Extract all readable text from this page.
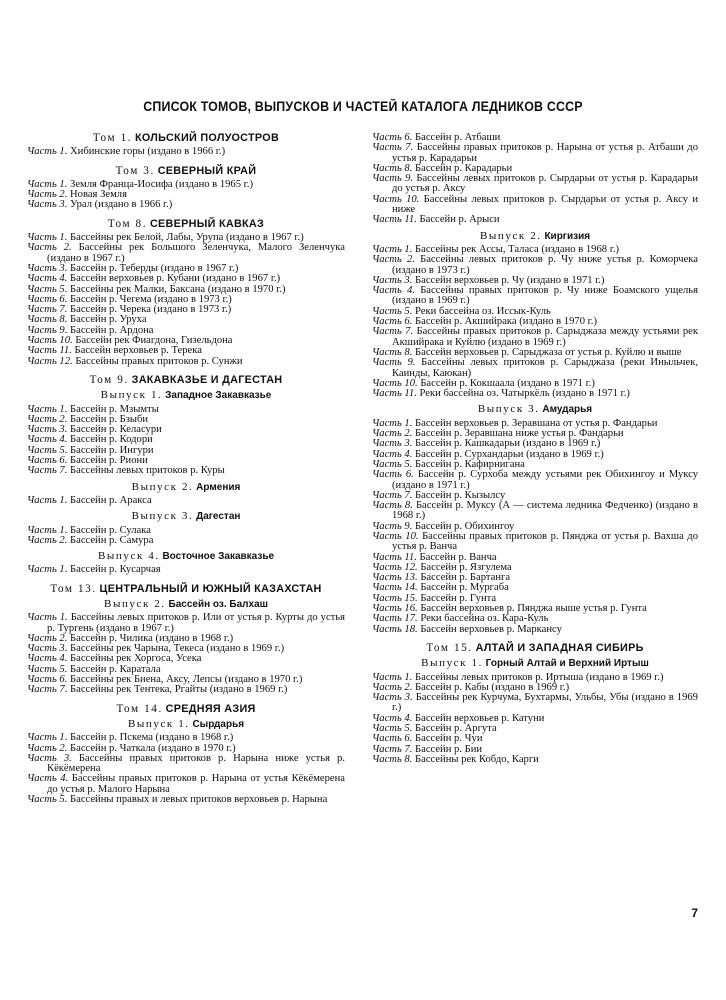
СПИСОК ТОМОВ, ВЫПУСКОВ И ЧАСТЕЙ КАТАЛОГА ЛЕДНИКОВ СССР
Том 1. КОЛЬСКИЙ ПОЛУОСТРОВ
Часть 1. Хибинские горы (издано в 1966 г.)
Том 3. СЕВЕРНЫЙ КРАЙ
Часть 1. Земля Франца-Иосифа (издано в 1965 г.)
Часть 2. Новая Земля
Часть 3. Урал (издано в 1966 г.)
Том 8. СЕВЕРНЫЙ КАВКАЗ
Часть 1. Бассейны рек Белой, Лабы, Урупа (издано в 1967 г.)
Часть 2. Бассейны рек Большого Зеленчука, Малого Зеленчука (издано в 1967 г.)
Часть 3. Бассейн р. Теберды (издано в 1967 г.)
Часть 4. Бассейн верховьев р. Кубани (издано в 1967 г.)
Часть 5. Бассейны рек Малки, Баксана (издано в 1970 г.)
Часть 6. Бассейн р. Чегема (издано в 1973 г.)
Часть 7. Бассейн р. Черека (издано в 1973 г.)
Часть 8. Бассейн р. Уруха
Часть 9. Бассейн р. Ардона
Часть 10. Бассейн рек Фиагдона, Гизельдона
Часть 11. Бассейн верховьев р. Терека
Часть 12. Бассейны правых притоков р. Сунжи
Том 9. ЗАКАВКАЗЬЕ И ДАГЕСТАН
Выпуск 1. Западное Закавказье
Часть 1. Бассейн р. Мзымты
Часть 2. Бассейн р. Бзыби
Часть 3. Бассейн р. Келасури
Часть 4. Бассейн р. Кодори
Часть 5. Бассейн р. Ингури
Часть 6. Бассейн р. Риони
Часть 7. Бассейны левых притоков р. Куры
Выпуск 2. Армения
Часть 1. Бассейн р. Аракса
Выпуск 3. Дагестан
Часть 1. Бассейн р. Сулака
Часть 2. Бассейн р. Самура
Выпуск 4. Восточное Закавказье
Часть 1. Бассейн р. Кусарчая
Том 13. ЦЕНТРАЛЬНЫЙ И ЮЖНЫЙ КАЗАХСТАН
Выпуск 2. Бассейн оз. Балхаш
Часть 1. Бассейны левых притоков р. Или от устья р. Курты до устья р. Тургень (издано в 1967 г.)
Часть 2. Бассейн р. Чилика (издано в 1968 г.)
Часть 3. Бассейны рек Чарына, Текеса (издано в 1969 г.)
Часть 4. Бассейны рек Хоргоса, Усека
Часть 5. Бассейн р. Каратала
Часть 6. Бассейны рек Биена, Аксу, Лепсы (издано в 1970 г.)
Часть 7. Бассейны рек Тентека, Ргайты (издано в 1969 г.)
Том 14. СРЕДНЯЯ АЗИЯ
Выпуск 1. Сырдарья
Часть 1. Бассейн р. Пскема (издано в 1968 г.)
Часть 2. Бассейн р. Чаткала (издано в 1970 г.)
Часть 3. Бассейны правых притоков р. Нарына ниже устья р. Кёкёмерена
Часть 4. Бассейны правых притоков р. Нарына от устья Кёкёмерена до устья р. Малого Нарына
Часть 5. Бассейны правых и левых притоков верховьев р. Нарына
Часть 6. Бассейн р. Атбаши
Часть 7. Бассейны правых притоков р. Нарына от устья р. Атбаши до устья р. Карадарьи
Часть 8. Бассейн р. Карадарьи
Часть 9. Бассейны левых притоков р. Сырдарьи от устья р. Карадарьи до устья р. Аксу
Часть 10. Бассейны левых притоков р. Сырдарьи от устья р. Аксу и ниже
Часть 11. Бассейн р. Арыси
Выпуск 2. Киргизия
Часть 1. Бассейны рек Ассы, Таласа (издано в 1968 г.)
Часть 2. Бассейны левых притоков р. Чу ниже устья р. Коморчека (издано в 1973 г.)
Часть 3. Бассейн верховьев р. Чу (издано в 1971 г.)
Часть 4. Бассейны правых притоков р. Чу ниже Боамского ущелья (издано в 1969 г.)
Часть 5. Реки бассейна оз. Иссык-Куль
Часть 6. Бассейн р. Акшийрака (издано в 1970 г.)
Часть 7. Бассейны правых притоков р. Сарыджаза между устьями рек Акшийрака и Куйлю (издано в 1969 г.)
Часть 8. Бассейн верховьев р. Сарыджаза от устья р. Куйлю и выше
Часть 9. Бассейны левых притоков р. Сарыджаза (реки Иныльчек, Каинды, Каюкан)
Часть 10. Бассейн р. Кокшаала (издано в 1971 г.)
Часть 11. Реки бассейна оз. Чатыркёль (издано в 1971 г.)
Выпуск 3. Амударья
Часть 1. Бассейн верховьев р. Зеравшана от устья р. Фандарьи
Часть 2. Бассейн р. Зеравшана ниже устья р. Фандарьи
Часть 3. Бассейн р. Кашкадарьи (издано в 1969 г.)
Часть 4. Бассейн р. Сурхандарьи (издано в 1969 г.)
Часть 5. Бассейн р. Кафирнигана
Часть 6. Бассейн р. Сурхоба между устьями рек Обихингоу и Муксу (издано в 1971 г.)
Часть 7. Бассейн р. Кызылсу
Часть 8. Бассейн р. Муксу (А — система ледника Федченко) (издано в 1968 г.)
Часть 9. Бассейн р. Обихингоу
Часть 10. Бассейны правых притоков р. Пянджа от устья р. Вахша до устья р. Ванча
Часть 11. Бассейн р. Ванча
Часть 12. Бассейн р. Язгулема
Часть 13. Бассейн р. Бартанга
Часть 14. Бассейн р. Мургаба
Часть 15. Бассейн р. Гунта
Часть 16. Бассейн верховьев р. Пянджа выше устья р. Гунта
Часть 17. Реки бассейна оз. Кара-Куль
Часть 18. Бассейн верховьев р. Маркансу
Том 15. АЛТАЙ И ЗАПАДНАЯ СИБИРЬ
Выпуск 1. Горный Алтай и Верхний Иртыш
Часть 1. Бассейны левых притоков р. Иртыша (издано в 1969 г.)
Часть 2. Бассейн р. Кабы (издано в 1969 г.)
Часть 3. Бассейны рек Курчума, Бухтармы, Ульбы, Убы (издано в 1969 г.)
Часть 4. Бассейн верховьев р. Катуни
Часть 5. Бассейн р. Аргута
Часть 6. Бассейн р. Чуи
Часть 7. Бассейн р. Бии
Часть 8. Бассейны рек Кобдо, Карги
7
